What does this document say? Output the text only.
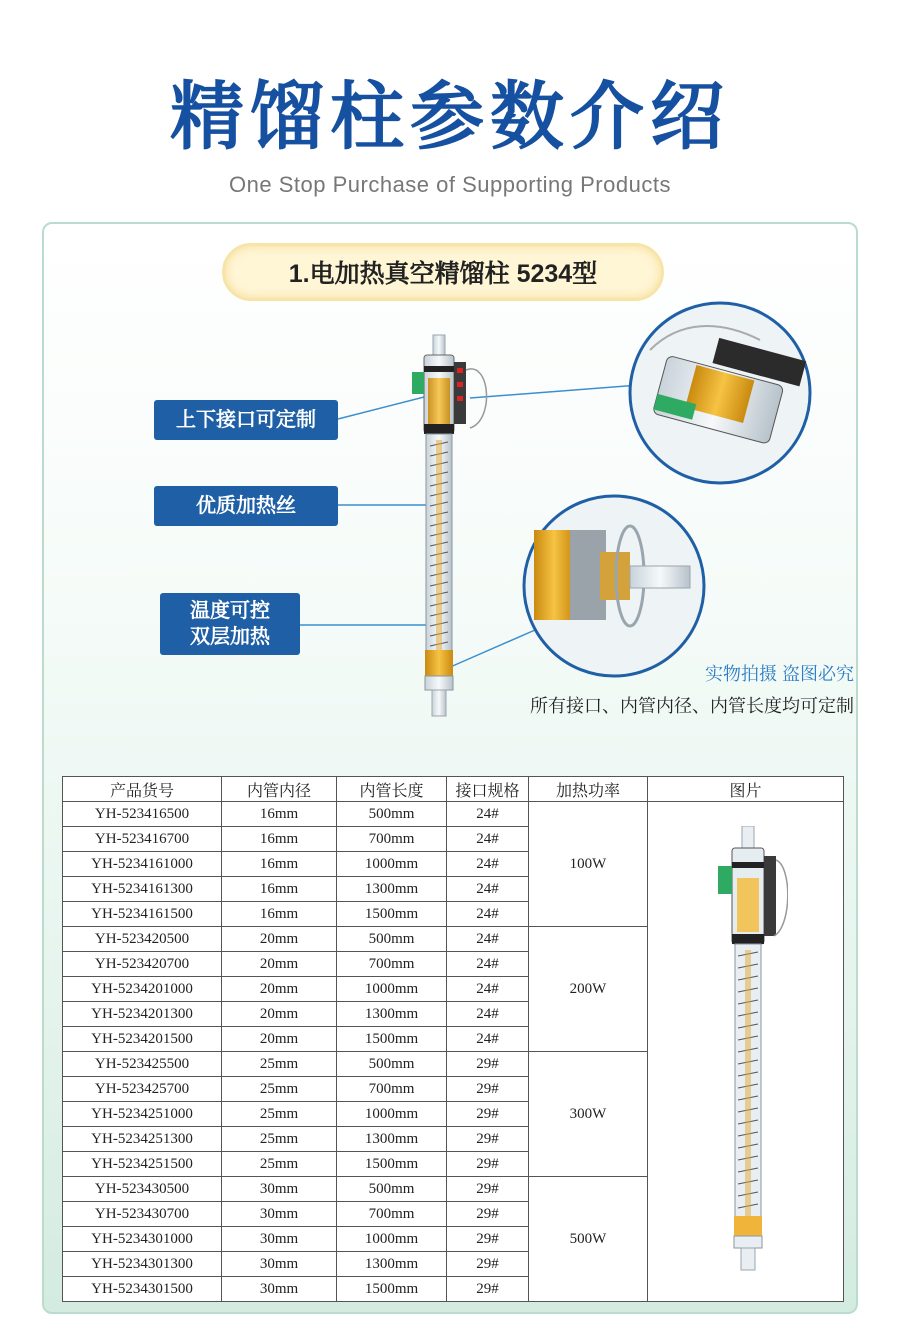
精馏柱参数介绍
One Stop Purchase of Supporting Products
1.电加热真空精馏柱 5234型
上下接口可定制
优质加热丝
温度可控
双层加热
实物拍摄 盗图必究
所有接口、内管内径、内管长度均可定制
产品货号	内管内径	内管长度	接口规格	加热功率	图片
YH-523416500	16mm	500mm	24#	100W	
YH-523416700	16mm	700mm	24#		
YH-5234161000	16mm	1000mm	24#		
YH-5234161300	16mm	1300mm	24#		
YH-5234161500	16mm	1500mm	24#		
YH-523420500	20mm	500mm	24#	200W	
YH-523420700	20mm	700mm	24#		
YH-5234201000	20mm	1000mm	24#		
YH-5234201300	20mm	1300mm	24#		
YH-5234201500	20mm	1500mm	24#		
YH-523425500	25mm	500mm	29#	300W	
YH-523425700	25mm	700mm	29#		
YH-5234251000	25mm	1000mm	29#		
YH-5234251300	25mm	1300mm	29#		
YH-5234251500	25mm	1500mm	29#		
YH-523430500	30mm	500mm	29#	500W	
YH-523430700	30mm	700mm	29#		
YH-5234301000	30mm	1000mm	29#		
YH-5234301300	30mm	1300mm	29#		
YH-5234301500	30mm	1500mm	29#		
